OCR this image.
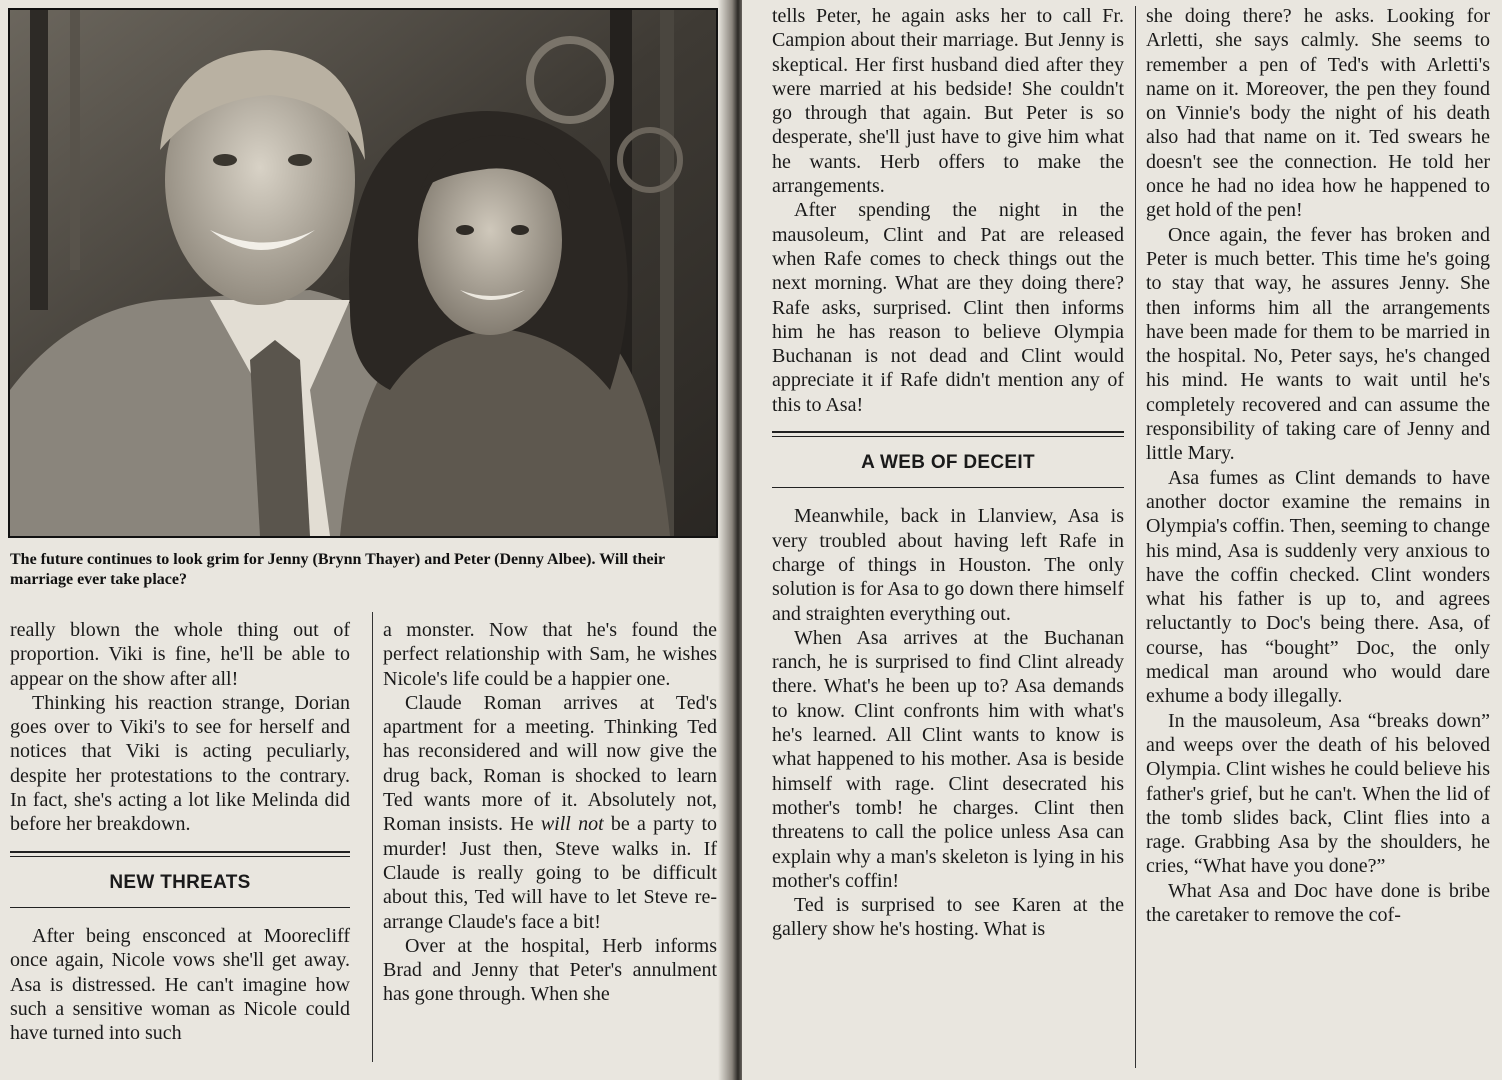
The future continues to look grim for Jenny (Brynn Thayer) and Peter (Denny Albee). Will their marriage ever take place?

really blown the whole thing out of proportion. Viki is fine, he'll be able to appear on the show after all!

Thinking his reaction strange, Dorian goes over to Viki's to see for herself and notices that Viki is acting peculiarly, despite her protestations to the contrary. In fact, she's acting a lot like Melinda did before her breakdown.

NEW THREATS

After being ensconced at Moorecliff once again, Nicole vows she'll get away. Asa is distressed. He can't imagine how such a sensitive woman as Nicole could have turned into such

a monster. Now that he's found the perfect relationship with Sam, he wishes Nicole's life could be a happier one.

Claude Roman arrives at Ted's apartment for a meeting. Thinking Ted has reconsidered and will now give the drug back, Roman is shocked to learn Ted wants more of it. Absolutely not, Roman insists. He will not be a party to murder! Just then, Steve walks in. If Claude is really going to be difficult about this, Ted will have to let Steve re-arrange Claude's face a bit!

Over at the hospital, Herb informs Brad and Jenny that Peter's annulment has gone through. When she

tells Peter, he again asks her to call Fr. Campion about their marriage. But Jenny is skeptical. Her first husband died after they were married at his bedside! She couldn't go through that again. But Peter is so desperate, she'll just have to give him what he wants. Herb offers to make the arrangements.

After spending the night in the mausoleum, Clint and Pat are released when Rafe comes to check things out the next morning. What are they doing there? Rafe asks, surprised. Clint then informs him he has reason to believe Olympia Buchanan is not dead and Clint would appreciate it if Rafe didn't mention any of this to Asa!

A WEB OF DECEIT

Meanwhile, back in Llanview, Asa is very troubled about having left Rafe in charge of things in Houston. The only solution is for Asa to go down there himself and straighten everything out.

When Asa arrives at the Buchanan ranch, he is surprised to find Clint already there. What's he been up to? Asa demands to know. Clint confronts him with what's he's learned. All Clint wants to know is what happened to his mother. Asa is beside himself with rage. Clint desecrated his mother's tomb! he charges. Clint then threatens to call the police unless Asa can explain why a man's skeleton is lying in his mother's coffin!

Ted is surprised to see Karen at the gallery show he's hosting. What is

she doing there? he asks. Looking for Arletti, she says calmly. She seems to remember a pen of Ted's with Arletti's name on it. Moreover, the pen they found on Vinnie's body the night of his death also had that name on it. Ted swears he doesn't see the connection. He told her once he had no idea how he happened to get hold of the pen!

Once again, the fever has broken and Peter is much better. This time he's going to stay that way, he assures Jenny. She then informs him all the arrangements have been made for them to be married in the hospital. No, Peter says, he's changed his mind. He wants to wait until he's completely recovered and can assume the responsibility of taking care of Jenny and little Mary.

Asa fumes as Clint demands to have another doctor examine the remains in Olympia's coffin. Then, seeming to change his mind, Asa is suddenly very anxious to have the coffin checked. Clint wonders what his father is up to, and agrees reluctantly to Doc's being there. Asa, of course, has “bought” Doc, the only medical man around who would dare exhume a body illegally.

In the mausoleum, Asa “breaks down” and weeps over the death of his beloved Olympia. Clint wishes he could believe his father's grief, but he can't. When the lid of the tomb slides back, Clint flies into a rage. Grabbing Asa by the shoulders, he cries, “What have you done?”

What Asa and Doc have done is bribe the caretaker to remove the cof-
